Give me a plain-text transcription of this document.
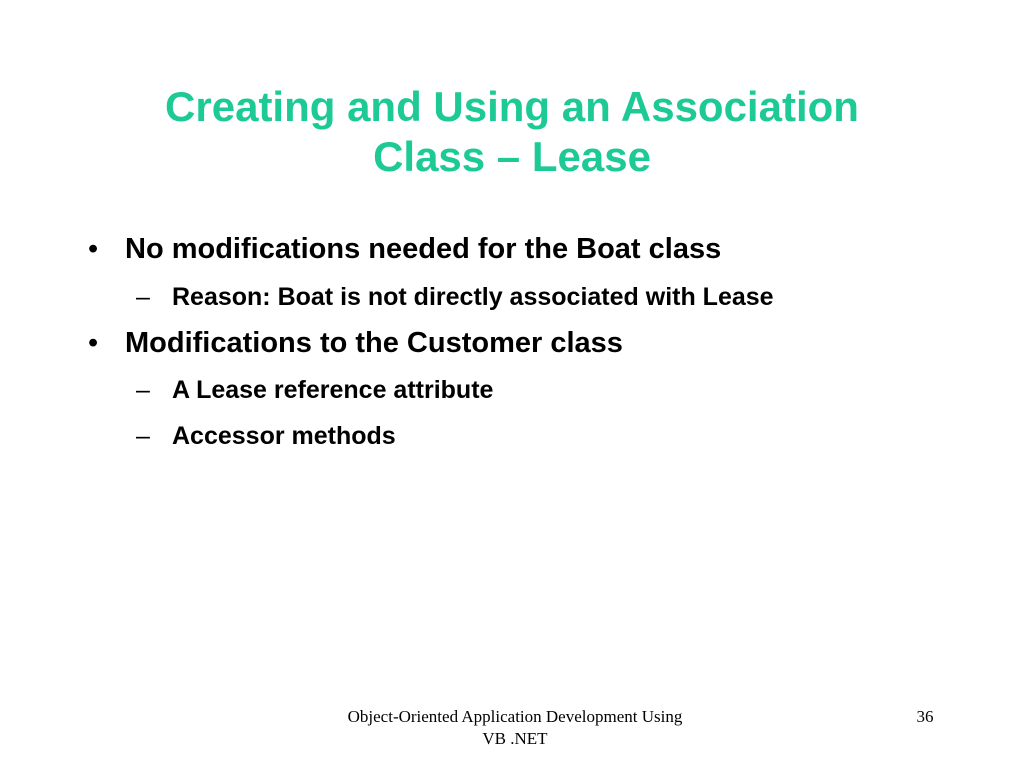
Creating and Using an Association
Class – Lease
• No modifications needed for the Boat class
– Reason: Boat is not directly associated with Lease
• Modifications to the Customer class
– A Lease reference attribute
– Accessor methods
Object-Oriented Application Development Using
VB .NET
36
